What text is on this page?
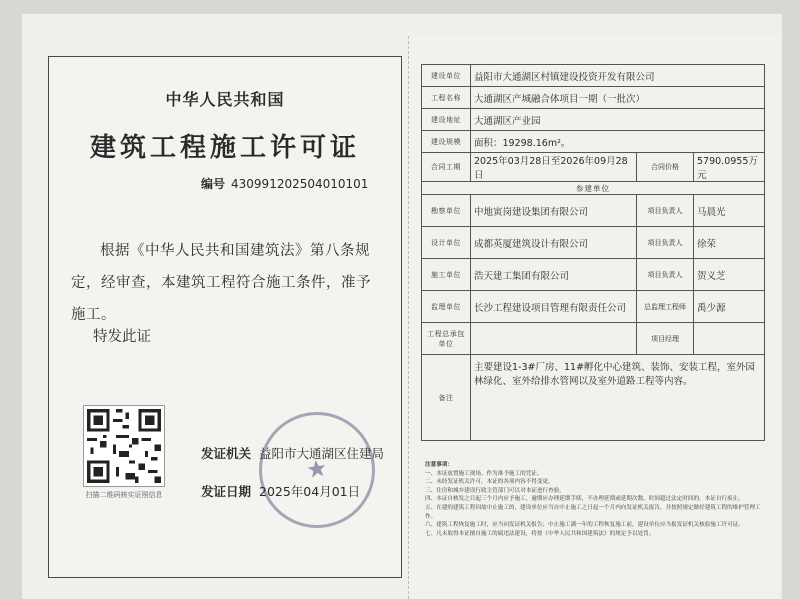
中华人民共和国
建筑工程施工许可证
编号 430991202504010101
根据《中华人民共和国建筑法》第八条规定，经审查，本建筑工程符合施工条件，准予施工。
特发此证
扫描二维码核实证照信息
发证机关 益阳市大通湖区住建局
发证日期 2025年04月01日
建设单位	益阳市大通湖区村镇建设投资开发有限公司		
工程名称	大通湖区产城融合体项目一期（一批次）		
建设地址	大通湖区产业园		
建设规模	面积：19298.16m²。		
合同工期	2025年03月28日至2026年09月28日	合同价格	5790.0955万元
参建单位			
勘察单位	中地寅岗建设集团有限公司	项目负责人	马晨光
设计单位	成都英厦建筑设计有限公司	项目负责人	徐荣
施工单位	浩天建工集团有限公司	项目负责人	贺义芝
监理单位	长沙工程建设项目管理有限责任公司	总监理工程师	禹少源
工程总承包单位		项目经理	
备注	主要建设1-3#厂房、11#孵化中心建筑、装饰、安装工程，室外园林绿化、室外给排水管网以及室外道路工程等内容。		
注意事项：
一、本证放置施工现场，作为准予施工的凭证。
二、未经发证机关许可，本证的各项内容不得变更。
三、住房和城乡建设行政主管部门可以对本证进行查验。
四、本证自核发之日起三个月内应予施工，逾期应办理延期手续，不办理延期或延期次数、时间超过法定时间的，本证自行废止。
五、在建的建筑工程因故中止施工的，建设单位应当自中止施工之日起一个月内向发证机关报告，并按照规定做好建筑工程的维护管理工作。
六、建筑工程恢复施工时，应当向发证机关报告；中止施工满一年的工程恢复施工前，建设单位应当报发证机关核验施工许可证。
七、凡未取得本证擅自施工的属违法建设，将按《中华人民共和国建筑法》的规定予以处罚。
